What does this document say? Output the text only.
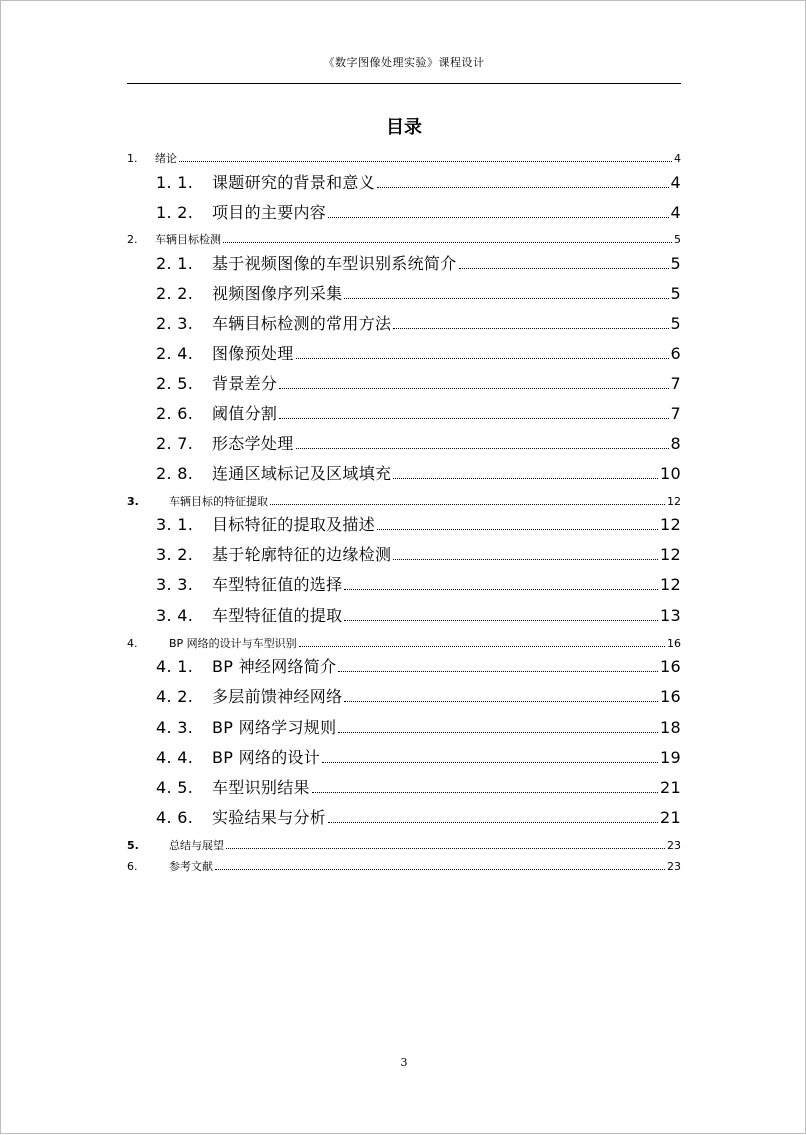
《数字图像处理实验》课程设计
目录
1.	绪论	4
1. 1.	课题研究的背景和意义	4
1. 2.	项目的主要内容	4
2.	车辆目标检测	5
2. 1.	基于视频图像的车型识别系统简介	5
2. 2.	视频图像序列采集	5
2. 3.	车辆目标检测的常用方法	5
2. 4.	图像预处理	6
2. 5.	背景差分	7
2. 6.	阈值分割	7
2. 7.	形态学处理	8
2. 8.	连通区域标记及区域填充	10
3.	车辆目标的特征提取	12
3. 1.	目标特征的提取及描述	12
3. 2.	基于轮廓特征的边缘检测	12
3. 3.	车型特征值的选择	12
3. 4.	车型特征值的提取	13
4.	BP 网络的设计与车型识别	16
4. 1.	BP 神经网络简介	16
4. 2.	多层前馈神经网络	16
4. 3.	BP 网络学习规则	18
4. 4.	BP 网络的设计	19
4. 5.	车型识别结果	21
4. 6.	实验结果与分析	21
5.	总结与展望	23
6.	参考文献	23
3
